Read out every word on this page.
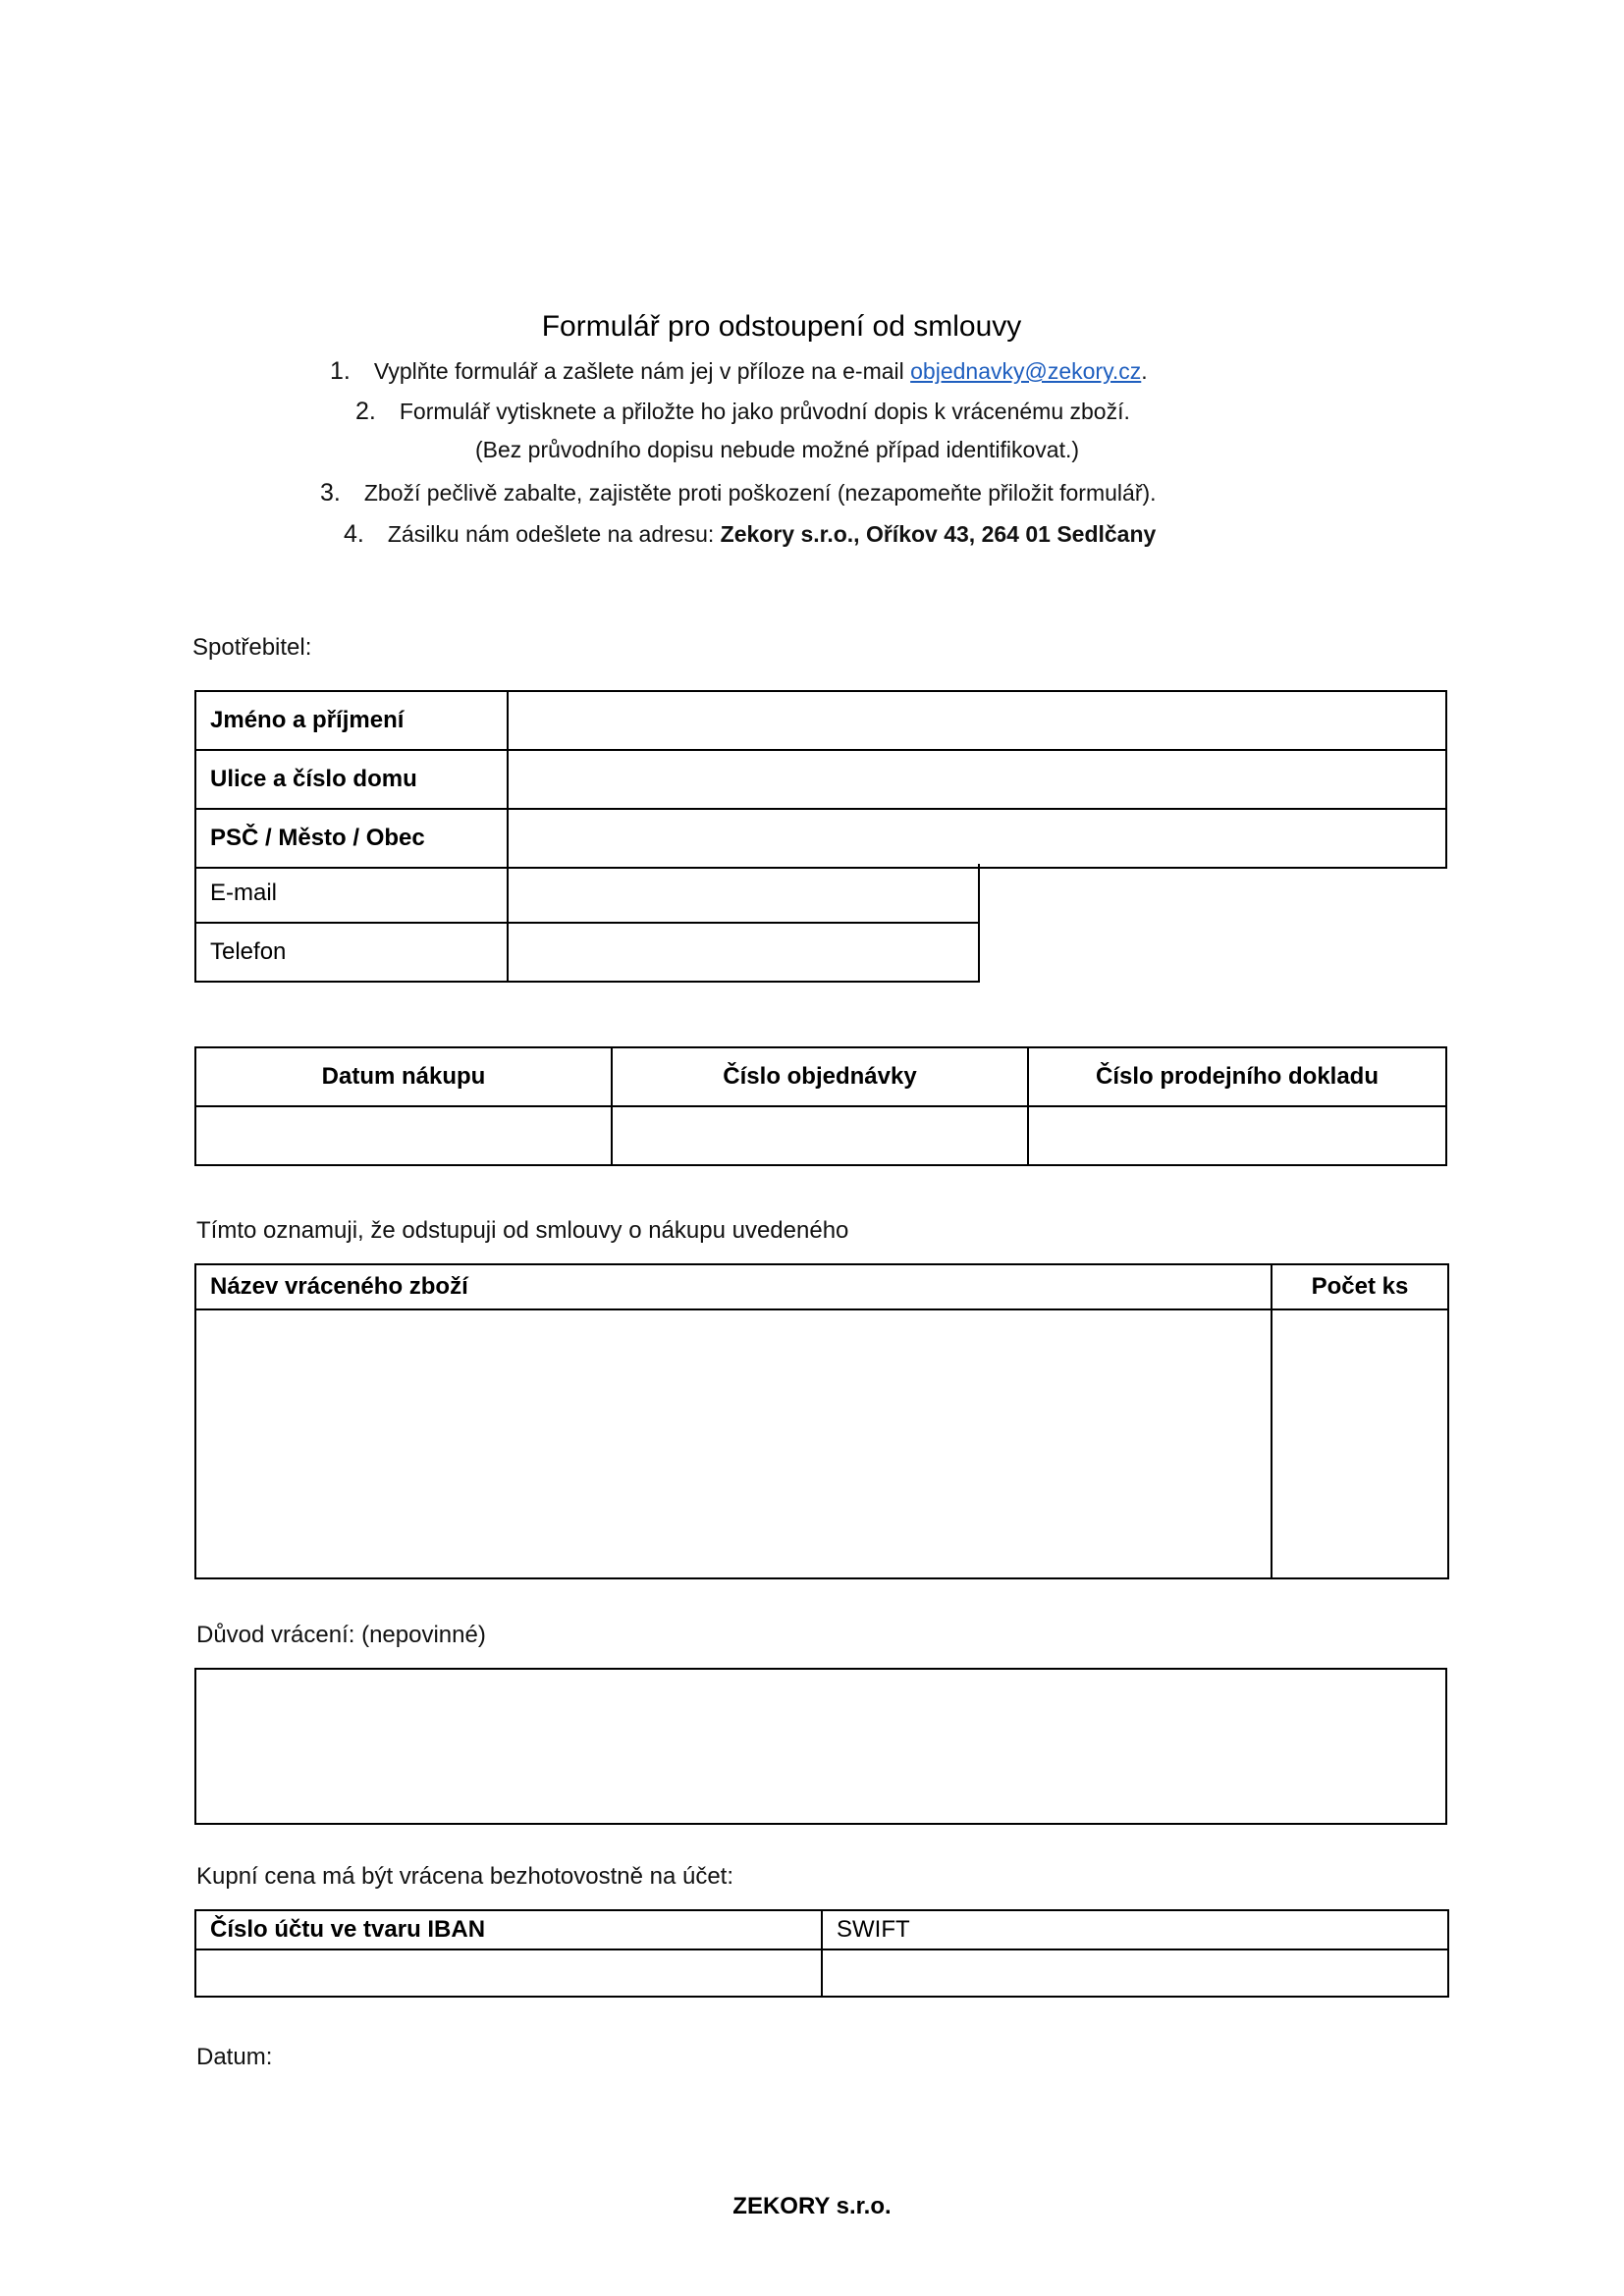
Formulář pro odstoupení od smlouvy
1. Vyplňte formulář a zašlete nám jej v příloze na e-mail objednavky@zekory.cz.
2. Formulář vytisknete a přiložte ho jako průvodní dopis k vrácenému zboží.
(Bez průvodního dopisu nebude možné případ identifikovat.)
3. Zboží pečlivě zabalte, zajistěte proti poškození (nezapomeňte přiložit formulář).
4. Zásilku nám odešlete na adresu: Zekory s.r.o., Oříkov 43, 264 01 Sedlčany
Spotřebitel:
Jméno a příjmení	
Ulice a číslo domu	
PSČ / Město / Obec	
E-mail	
Telefon	
Datum nákupu	Číslo objednávky	Číslo prodejního dokladu

Tímto oznamuji, že odstupuji od smlouvy o nákupu uvedeného
Název vráceného zboží	Počet ks

Důvod vrácení: (nepovinné)
Kupní cena má být vrácena bezhotovostně na účet:
Číslo účtu ve tvaru IBAN	SWIFT

Datum:
ZEKORY s.r.o.
